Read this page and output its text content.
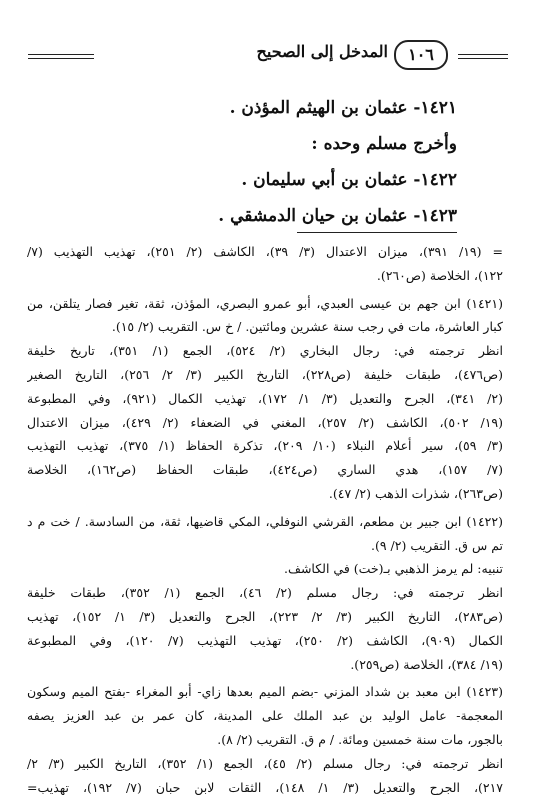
١٠٦
المدخل إلى الصحيح
١٤٢١- عثمان بن الهيثم المؤذن .
وأخرج مسلم وحده :
١٤٢٢- عثمان بن أبي سليمان .
١٤٢٣- عثمان بن حيان الدمشقي .
= (١٩/ ٣٩١)، ميزان الاعتدال (٣/ ٣٩)، الكاشف (٢/ ٢٥١)، تهذيب التهذيب (٧/
١٢٢)، الخلاصة (ص٢٦٠).
(١٤٢١) ابن جهم بن عيسى العبدي، أبو عمرو البصري، المؤذن، ثقة، تغير فصار يتلقن، من
كبار العاشرة، مات في رجب سنة عشرين ومائتين. / خ س. التقريب (٢/ ١٥).
انظر ترجمته في: رجال البخاري (٢/ ٥٢٤)، الجمع (١/ ٣٥١)، تاريخ خليفة
(ص٤٧٦)، طبقات خليفة (ص٢٢٨)، التاريخ الكبير (٣/ ٢/ ٢٥٦)، التاريخ الصغير
(٢/ ٣٤١)، الجرح والتعديل (٣/ ١/ ١٧٢)، تهذيب الكمال (٩٢١)، وفي المطبوعة
(١٩/ ٥٠٢)، الكاشف (٢/ ٢٥٧)، المغني في الضعفاء (٢/ ٤٢٩)، ميزان الاعتدال
(٣/ ٥٩)، سير أعلام النبلاء (١٠/ ٢٠٩)، تذكرة الحفاظ (١/ ٣٧٥)، تهذيب التهذيب
(٧/ ١٥٧)، هدي الساري (ص٤٢٤)، طبقات الحفاظ (ص١٦٢)، الخلاصة
(ص٢٦٣)، شذرات الذهب (٢/ ٤٧).
(١٤٢٢) ابن جبير بن مطعم، القرشي النوفلي، المكي قاضيها، ثقة، من السادسة. / خت م د
تم س ق. التقريب (٢/ ٩).
تنبيه: لم يرمز الذهبي بـ(خت) في الكاشف.
انظر ترجمته في: رجال مسلم (٢/ ٤٦)، الجمع (١/ ٣٥٢)، طبقات خليفة
(ص٢٨٣)، التاريخ الكبير (٣/ ٢/ ٢٢٣)، الجرح والتعديل (٣/ ١/ ١٥٢)، تهذيب
الكمال (٩٠٩)، الكاشف (٢/ ٢٥٠)، تهذيب التهذيب (٧/ ١٢٠)، وفي المطبوعة
(١٩/ ٣٨٤)، الخلاصة (ص٢٥٩).
(١٤٢٣) ابن معبد بن شداد المزني -بضم الميم بعدها زاي- أبو المغراء -بفتح الميم وسكون
المعجمة- عامل الوليد بن عبد الملك على المدينة، كان عمر بن عبد العزيز يصفه
بالجور، مات سنة خمسين ومائة. / م ق. التقريب (٢/ ٨).
انظر ترجمته في: رجال مسلم (٢/ ٤٥)، الجمع (١/ ٣٥٢)، التاريخ الكبير (٣/ ٢/
٢١٧)، الجرح والتعديل (٣/ ١/ ١٤٨)، الثقات لابن حبان (٧/ ١٩٢)، تهذيب=
